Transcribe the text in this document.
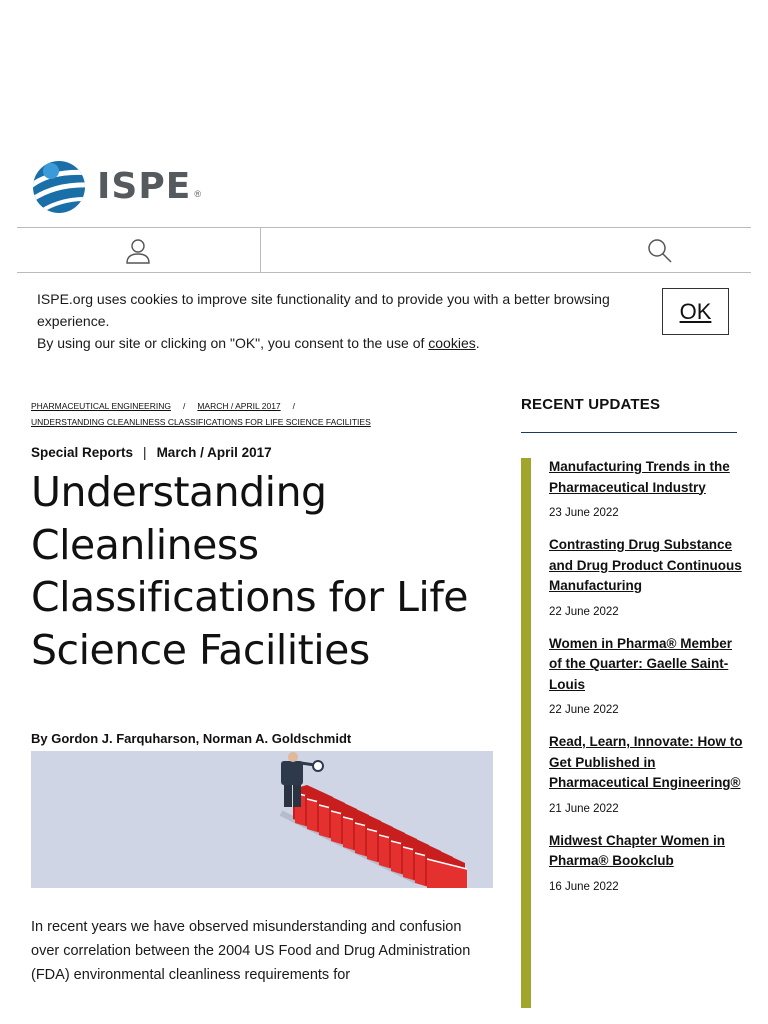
ISPE ®
ISPE.org uses cookies to improve site functionality and to provide you with a better browsing experience.
By using our site or clicking on "OK", you consent to the use of cookies.
OK
PHARMACEUTICAL ENGINEERING / MARCH / APRIL 2017 /
UNDERSTANDING CLEANLINESS CLASSIFICATIONS FOR LIFE SCIENCE FACILITIES
Special Reports | March / April 2017
Understanding Cleanliness Classifications for Life Science Facilities
By Gordon J. Farquharson, Norman A. Goldschmidt

In recent years we have observed misunderstanding and confusion over correlation between the 2004 US Food and Drug Administration (FDA) environmental cleanliness requirements for

RECENT UPDATES
Manufacturing Trends in the Pharmaceutical Industry
23 June 2022
Contrasting Drug Substance and Drug Product Continuous Manufacturing
22 June 2022
Women in Pharma® Member of the Quarter: Gaelle Saint-Louis
22 June 2022
Read, Learn, Innovate: How to Get Published in Pharmaceutical Engineering®
21 June 2022
Midwest Chapter Women in Pharma® Bookclub
16 June 2022
